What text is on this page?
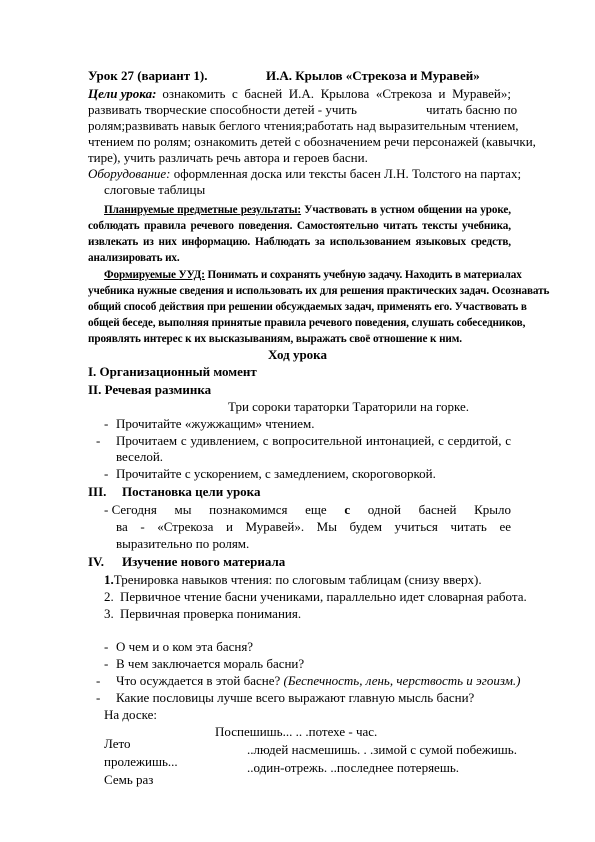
Урок 27 (вариант 1).	И.А. Крылов «Стрекоза и Муравей»
Цели урока: ознакомить с басней И.А. Крылова «Стрекоза и Муравей»;
развивать творческие способности детей - учить	читать басню по
ролям;развивать навык беглого чтения;работать над выразительным чтением,
чтением по ролям; ознакомить детей с обозначением речи персонажей (кавычки,
тире), учить различать речь автора и героев басни.
Оборудование: оформленная доска или тексты басен Л.Н. Толстого на партах;
слоговые таблицы
Планируемые предметные результаты: Участвовать в устном общении на уроке,
соблюдать правила речевого поведения. Самостоятельно читать тексты учебника,
извлекать из них информацию. Наблюдать за использованием языковых средств,
анализировать их.
Формируемые УУД: Понимать и сохранять учебную задачу. Находить в материалах
учебника нужные сведения и использовать их для решения практических задач. Осознавать
общий способ действия при решении обсуждаемых задач, применять его. Участвовать в
общей беседе, выполняя принятые правила речевого поведения, слушать собеседников,
проявлять интерес к их высказываниям, выражать своё отношение к ним.
Ход урока
I. Организационный момент
II. Речевая разминка
Три сороки тараторки Тараторили на горке.
- Прочитайте «жужжащим» чтением.
- Прочитаем с удивлением, с вопросительной интонацией, с сердитой, с
веселой.
- Прочитайте с ускорением, с замедлением, скороговоркой.
III. Постановка цели урока
- Сегодня мы познакомимся еще с одной басней Крыло
ва - «Стрекоза и Муравей». Мы будем учиться читать ее
выразительно по ролям.
IV. Изучение нового материала
1.Тренировка навыков чтения: по слоговым таблицам (снизу вверх).
2. Первичное чтение басни учениками, параллельно идет словарная работа.
3. Первичная проверка понимания.
- О чем и о ком эта басня?
- В чем заключается мораль басни?
- Что осуждается в этой басне? (Беспечность, лень, черствость и эгоизм.)
- Какие пословицы лучше всего выражают главную мысль басни?
На доске:
Лето
пролежишь...
Семь раз
Поспешишь... .. .потехе - час.
..людей насмешишь. . .зимой с сумой побежишь.
..один-отрежь. ..последнее потеряешь.
